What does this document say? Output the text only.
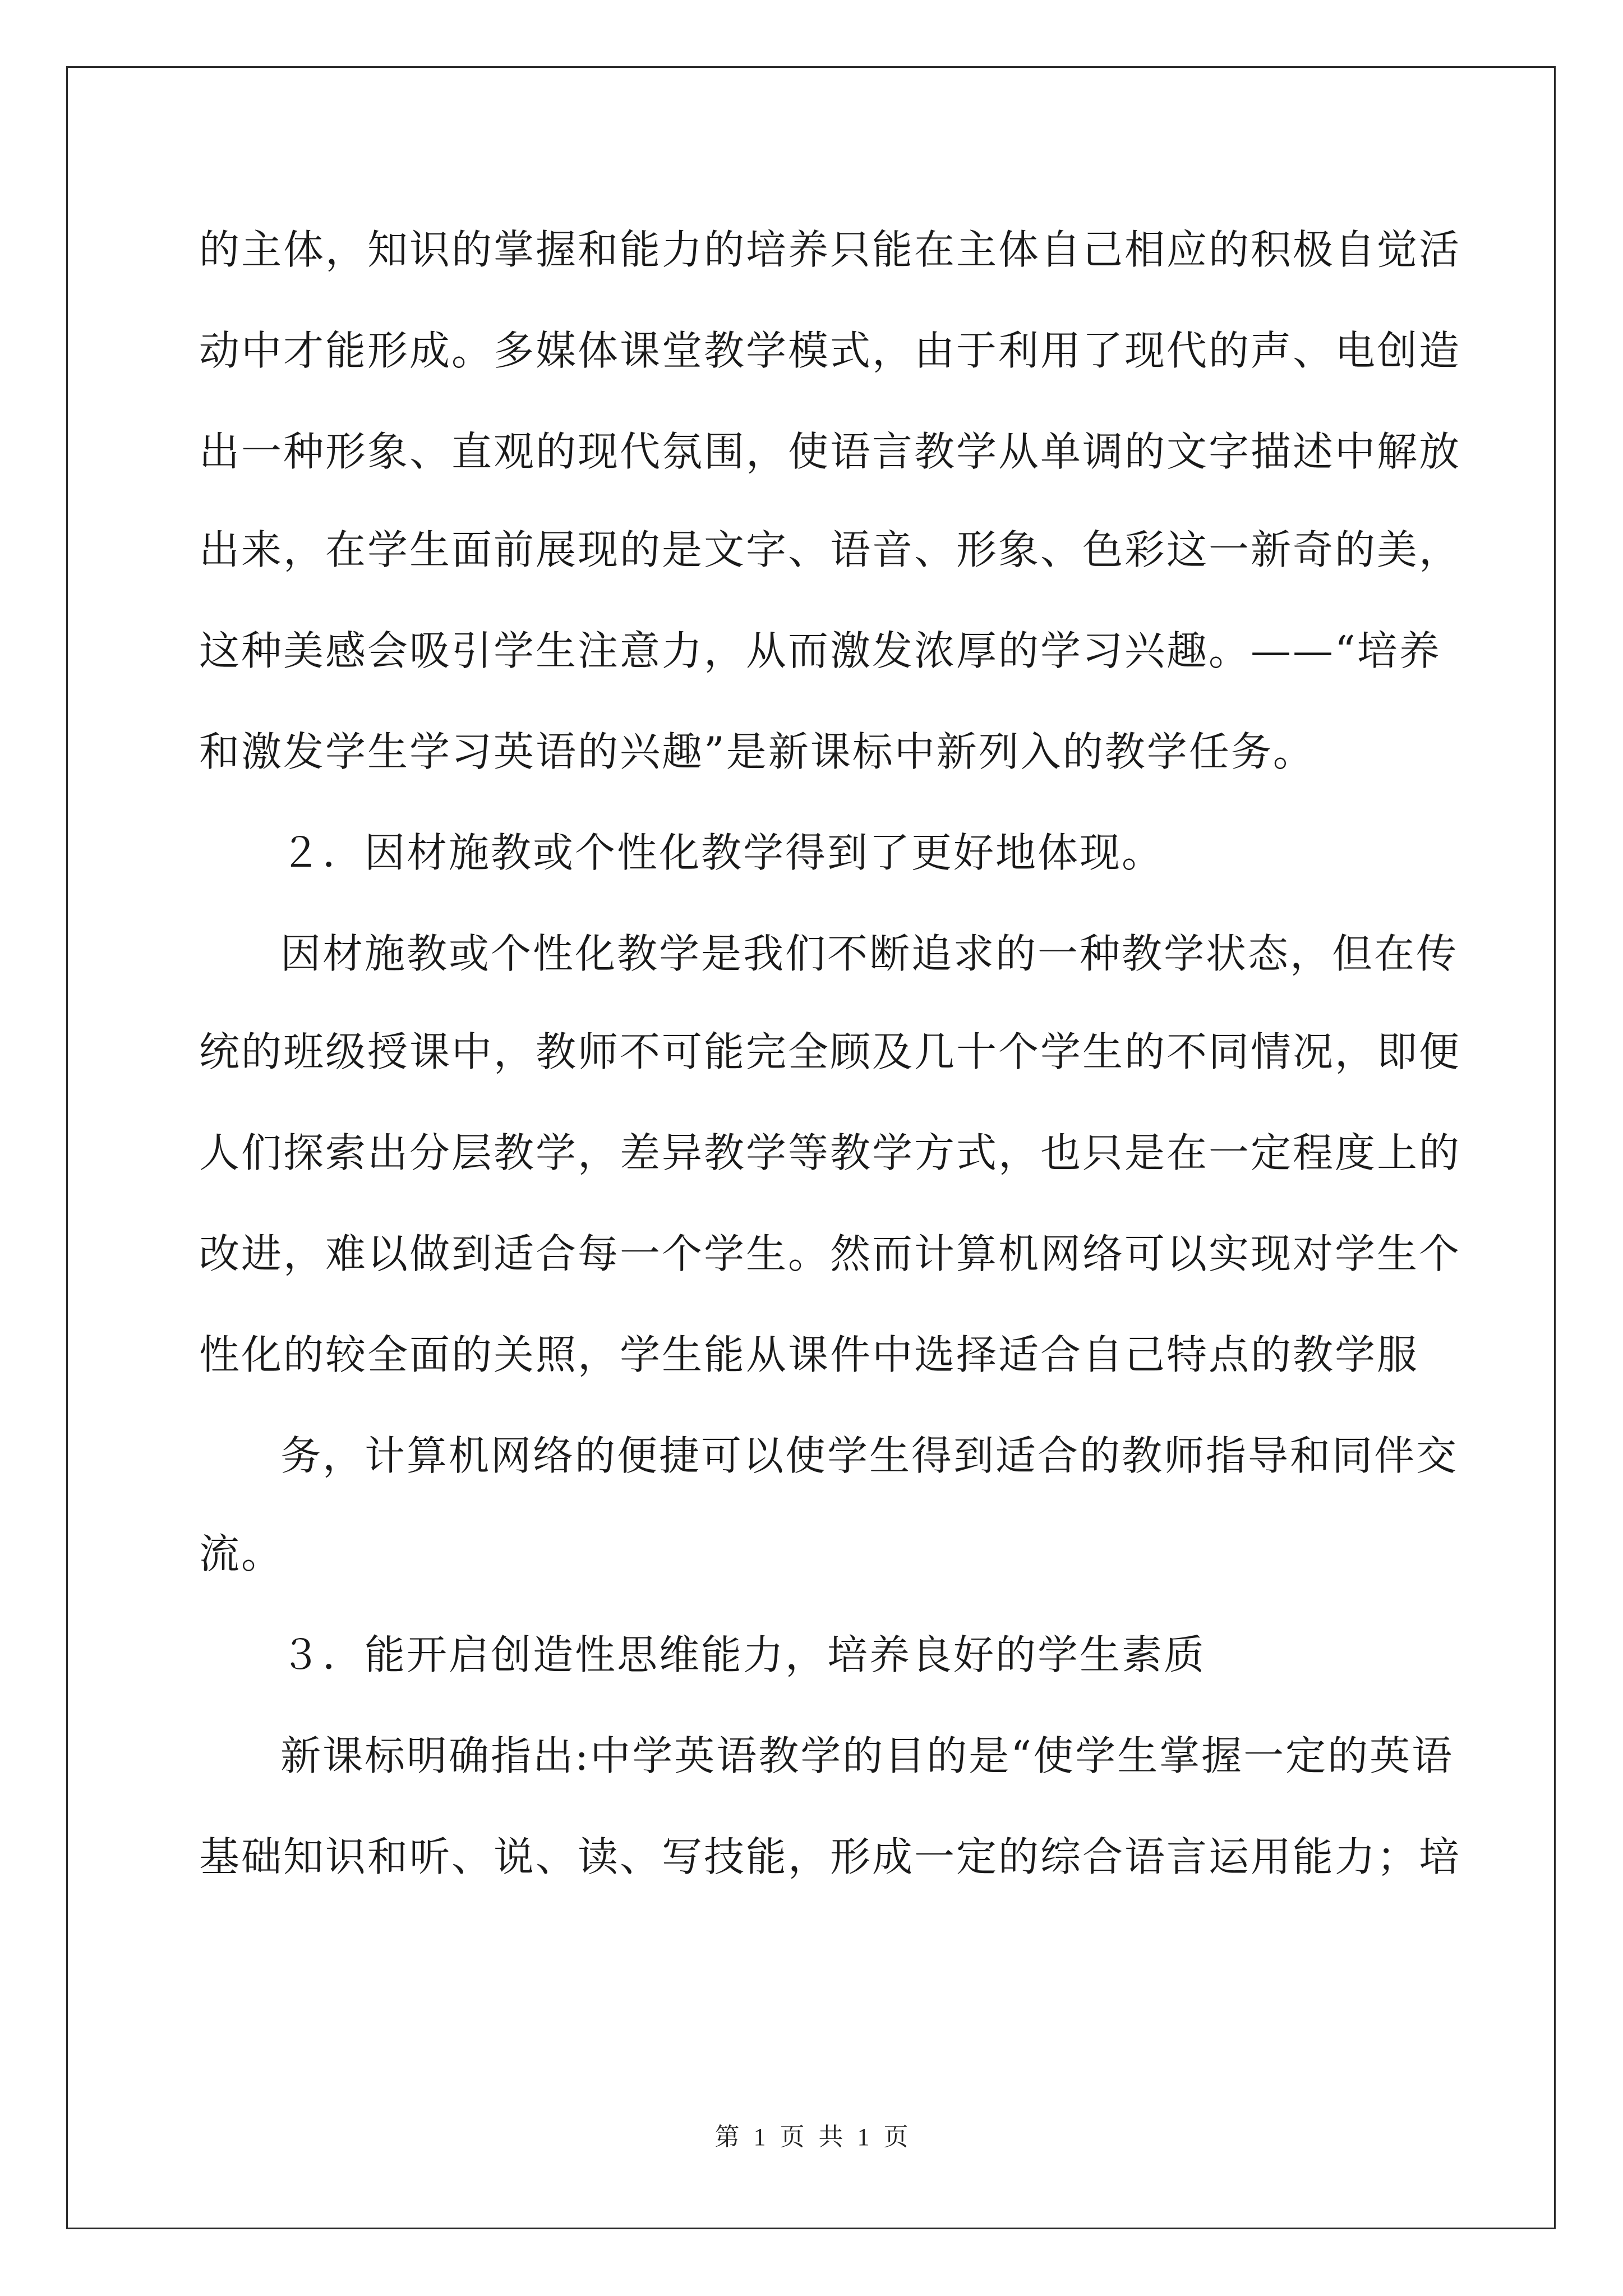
的主体，知识的掌握和能力的培养只能在主体自己相应的积极自觉活
动中才能形成。多媒体课堂教学模式，由于利用了现代的声、电创造
出一种形象、直观的现代氛围，使语言教学从单调的文字描述中解放
出来，在学生面前展现的是文字、语音、形象、色彩这一新奇的美，
这种美感会吸引学生注意力，从而激发浓厚的学习兴趣。——“培养
和激发学生学习英语的兴趣”是新课标中新列入的教学任务。
２．因材施教或个性化教学得到了更好地体现。
因材施教或个性化教学是我们不断追求的一种教学状态，但在传
统的班级授课中，教师不可能完全顾及几十个学生的不同情况，即便
人们探索出分层教学，差异教学等教学方式，也只是在一定程度上的
改进，难以做到适合每一个学生。然而计算机网络可以实现对学生个
性化的较全面的关照，学生能从课件中选择适合自己特点的教学服
务，计算机网络的便捷可以使学生得到适合的教师指导和同伴交
流。
３．能开启创造性思维能力，培养良好的学生素质
新课标明确指出:中学英语教学的目的是“使学生掌握一定的英语
基础知识和听、说、读、写技能，形成一定的综合语言运用能力；培
第 1 页 共 1 页
